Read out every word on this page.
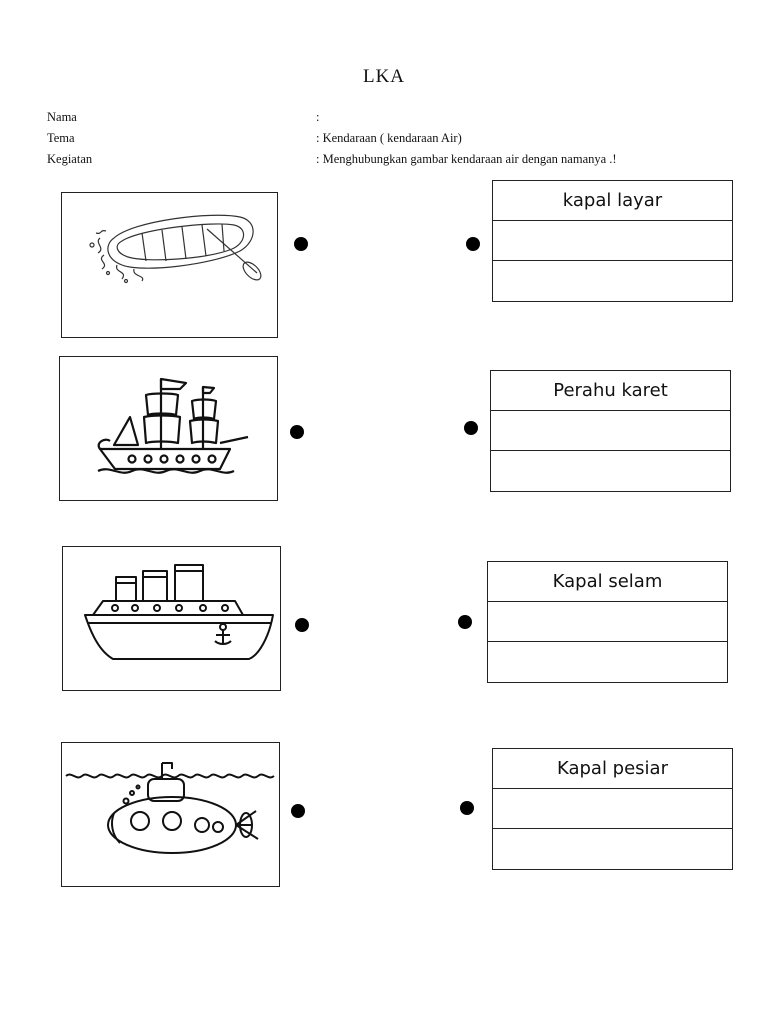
LKA
Nama	:
Tema	: Kendaraan ( kendaraan Air)
Kegiatan	: Menghubungkan gambar kendaraan air dengan namanya .!
kapal layar
Perahu karet
Kapal selam
Kapal pesiar
